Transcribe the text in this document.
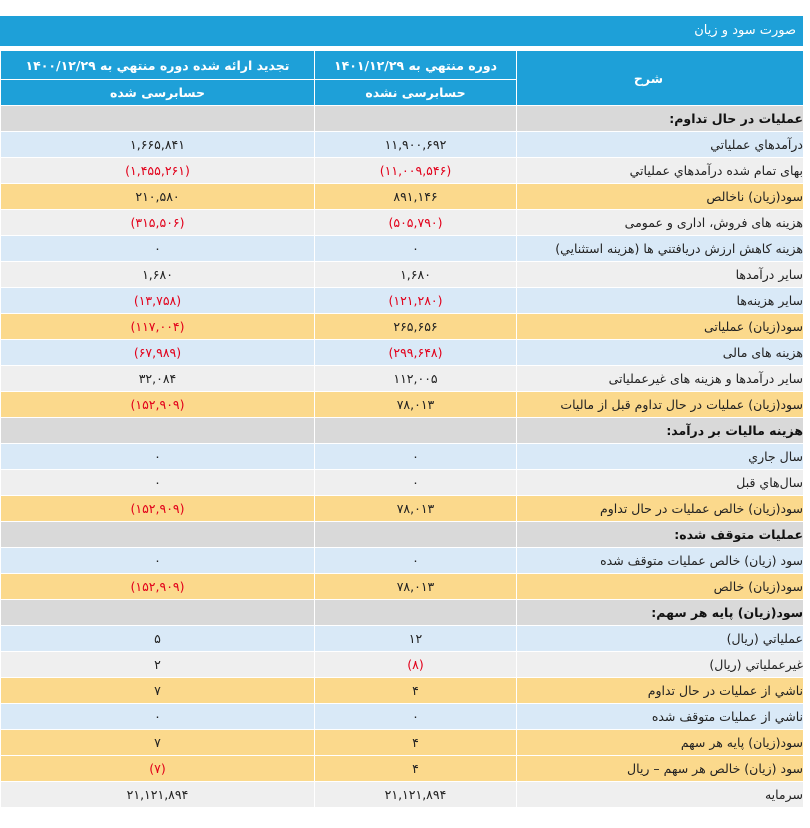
صورت سود و زیان
شرح	دوره منتهي به ۱۴۰۱/۱۲/۲۹	تجدید ارائه شده دوره منتهي به ۱۴۰۰/۱۲/۲۹
	حسابرسی نشده	حسابرسی شده
عملیات در حال تداوم:		
درآمدهاي عملياتي	۱۱,۹۰۰,۶۹۲	۱,۶۶۵,۸۴۱
بهاى تمام شده درآمدهاي عملياتي	(۱۱,۰۰۹,۵۴۶)	(۱,۴۵۵,۲۶۱)
سود(زيان) ناخالص	۸۹۱,۱۴۶	۲۱۰,۵۸۰
هزينه هاى فروش، ادارى و عمومى	(۵۰۵,۷۹۰)	(۳۱۵,۵۰۶)
هزينه کاهش ارزش دريافتني ها (هزينه استثنايي)	۰	۰
ساير درآمدها	۱,۶۸۰	۱,۶۸۰
سایر هزینه‌ها	(۱۲۱,۲۸۰)	(۱۳,۷۵۸)
سود(زيان) عملياتى	۲۶۵,۶۵۶	(۱۱۷,۰۰۴)
هزينه هاى مالى	(۲۹۹,۶۴۸)	(۶۷,۹۸۹)
ساير درآمدها و هزينه هاى غيرعملياتى	۱۱۲,۰۰۵	۳۲,۰۸۴
سود(زيان) عمليات در حال تداوم قبل از ماليات	۷۸,۰۱۳	(۱۵۲,۹۰۹)
هزينه ماليات بر درآمد:		
سال جاري	۰	۰
سال‌هاي قبل	۰	۰
سود(زيان) خالص عمليات در حال تداوم	۷۸,۰۱۳	(۱۵۲,۹۰۹)
عمليات متوقف شده:		
سود (زيان) خالص عمليات متوقف شده	۰	۰
سود(زيان) خالص	۷۸,۰۱۳	(۱۵۲,۹۰۹)
سود(زيان) پايه هر سهم:		
عملياتي (ريال)	۱۲	۵
غيرعملياتي (ريال)	(۸)	۲
ناشي از عمليات در حال تداوم	۴	۷
ناشي از عمليات متوقف شده	۰	۰
سود(زيان) پايه هر سهم	۴	۷
سود (زيان) خالص هر سهم – ريال	۴	(۷)
سرمایه	۲۱,۱۲۱,۸۹۴	۲۱,۱۲۱,۸۹۴
